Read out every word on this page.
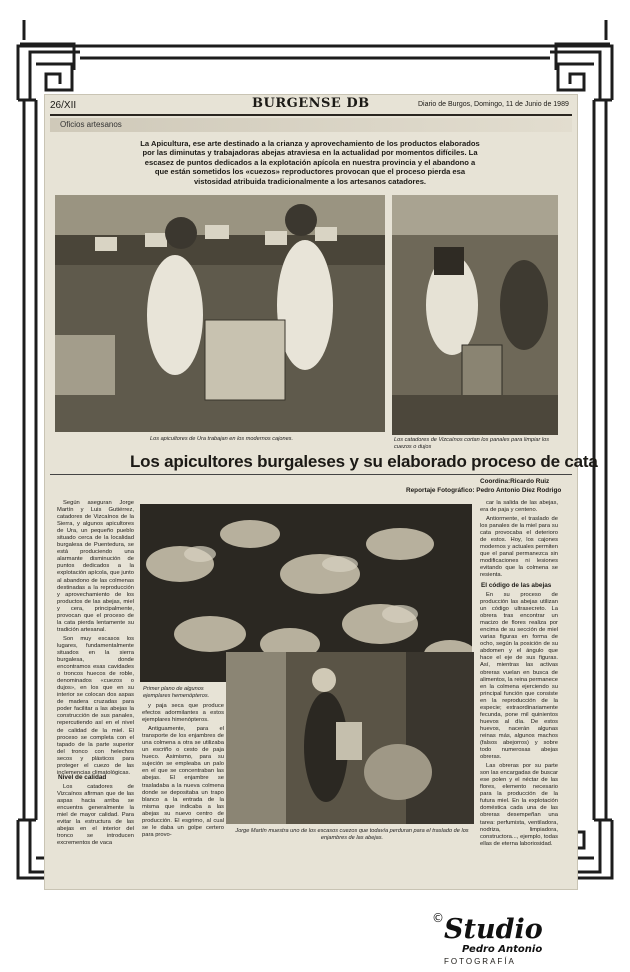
26/XII	BURGENSE DB	Diario de Burgos, Domingo, 11 de Junio de 1989
Oficios artesanos
La Apicultura, ese arte destinado a la crianza y aprovechamiento de los productos elaborados por las diminutas y trabajadoras abejas atraviesa en la actualidad por momentos difíciles. La escasez de puntos dedicados a la explotación apícola en nuestra provincia y el abandono a que están sometidos los «cuezos» reproductores provocan que el proceso pierda esa vistosidad atribuida tradicionalmente a los artesanos catadores.
Los apicultores de Ura trabajan en los modernos cajones.	Los catadores de Vizcaínos cortan los panales para limpiar los cuezos o dujos
Los apicultores burgaleses y su elaborado proceso de cata
Coordina:Ricardo Ruiz
Reportaje Fotográfico: Pedro Antonio Díez Rodrigo

Según aseguran Jorge Martín y Luis Gutiérrez, catadores de Vizcaínos de la Sierra, y algunos apicultores de Ura, un pequeño pueblo situado cerca de la localidad burgalesa de Puentedura, se está produciendo una alarmante disminución de puntos dedicados a la explotación apícola, que junto al abandono de las colmenas destinadas a la reproducción y aprovechamiento de los productos de las abejas, miel y cera, principalmente, provocan que el proceso de la cata pierda lentamente su tradición artesanal.

Son muy escasos los lugares, fundamentalmente situados en la sierra burgalesa, donde encontramos esas cavidades o troncos huecos de roble, denominados «cuezos o dujos», en los que en su interior se colocan dos aspas de madera cruzadas para poder facilitar a las abejas la construcción de sus panales, repercutiendo así en el nivel de calidad de la miel. El proceso se completa con el tapado de la parte superior del tronco con helechos secos y plásticos para proteger el cuezo de las inclemencias climatológicas.

Nivel de calidad

Los catadores de Vizcaínos afirman que de las aspas hacia arriba se encuentra generalmente la miel de mayor calidad. Para evitar la estructura de las abejas en el interior del tronco se introducen excrementos de vaca

Primer plano de algunos ejemplares hemenópteros.

y paja seca que produce efectos adormilantes a estos ejemplares himenópteros.

Antiguamente, para el transporte de los enjambres de una colmena a otra se utilizaba un escriño o cesto de paja hueco. Asimismo, para su sujeción se empleaba un palo en el que se concentraban las abejas. El enjambre se trasladaba a la nueva colmena donde se depositaba un trapo blanco a la entrada de la misma que indicaba a las abejas su nuevo centro de producción. El esgrimo, al cual se le daba un golpe certero para provo-

Jorge Martín muestra uno de los escasos cuezos que todavía perduran para el traslado de los enjambres de las abejas.

car la salida de las abejas, era de paja y centeno.

Antiormente, el traslado de los panales de la miel para su cata provocaba el deterioro de estos. Hoy, los cajones modernos y actuales permiten que el panal permanezca sin modificaciones ni lesiones evitando que la colmena se resienta.

El código de las abejas

En su proceso de producción las abejas utilizan un código ultrasecreto. La obrera tras encontrar un macizo de flores realiza por encima de su sección de miel varias figuras en forma de ocho, según la posición de su abdomen y el ángulo que hace el eje de sus figuras. Así, mientras las activas obreras vuelan en busca de alimentos, la reina permanece en la colmena ejerciendo su principal función que consiste en la reproducción de la especie; extraordinariamente fecunda, pone mil quinientos huevos al día. De estos huevos, nacerán algunas reinas más, algunos machos (falsos abejorros) y sobre todo numerosas abejas obreras.

Las obreras por su parte son las encargadas de buscar ese polen y el néctar de las flores, elemento necesario para la producción de la futura miel. En la explotación doméstica cada una de las obreras desempeñan una tarea: perfumista, ventiladora, nodriza, limpiadora, constructora..., ejemplo, todas ellas de eterna laboriosidad.

© Studio
Pedro Antonio
FOTOGRAFÍA
